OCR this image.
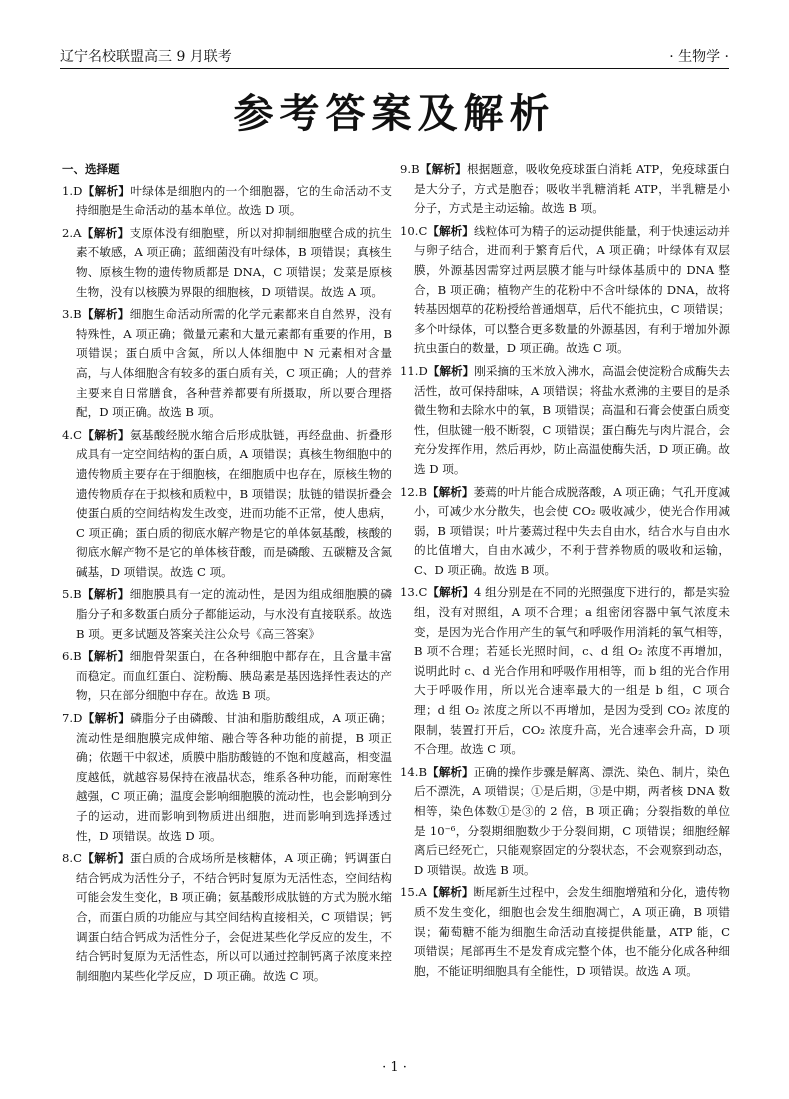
辽宁名校联盟高三 9 月联考	· 生物学 ·
参考答案及解析
一、选择题
1.D【解析】叶绿体是细胞内的一个细胞器，它的生命活动不支持细胞是生命活动的基本单位。故选 D 项。
2.A【解析】支原体没有细胞壁，所以对抑制细胞壁合成的抗生素不敏感，A 项正确；蓝细菌没有叶绿体，B 项错误；真核生物、原核生物的遗传物质都是 DNA，C 项错误；发菜是原核生物，没有以核膜为界限的细胞核，D 项错误。故选 A 项。
3.B【解析】细胞生命活动所需的化学元素都来自自然界，没有特殊性，A 项正确；微量元素和大量元素都有重要的作用，B 项错误；蛋白质中含氮，所以人体细胞中 N 元素相对含量高，与人体细胞含有较多的蛋白质有关，C 项正确；人的营养主要来自日常膳食，各种营养都要有所摄取，所以要合理搭配，D 项正确。故选 B 项。
4.C【解析】氨基酸经脱水缩合后形成肽链，再经盘曲、折叠形成具有一定空间结构的蛋白质，A 项错误；真核生物细胞中的遗传物质主要存在于细胞核，在细胞质中也存在，原核生物的遗传物质存在于拟核和质粒中，B 项错误；肽链的错误折叠会使蛋白质的空间结构发生改变，进而功能不正常，使人患病，C 项正确；蛋白质的彻底水解产物是它的单体氨基酸，核酸的彻底水解产物不是它的单体核苷酸，而是磷酸、五碳糖及含氮碱基，D 项错误。故选 C 项。
5.B【解析】细胞膜具有一定的流动性，是因为组成细胞膜的磷脂分子和多数蛋白质分子都能运动，与水没有直接联系。故选 B 项。更多试题及答案关注公众号《高三答案》
6.B【解析】细胞骨架蛋白，在各种细胞中都存在，且含量丰富而稳定。而血红蛋白、淀粉酶、胰岛素是基因选择性表达的产物，只在部分细胞中存在。故选 B 项。
7.D【解析】磷脂分子由磷酸、甘油和脂肪酸组成，A 项正确；流动性是细胞膜完成伸缩、融合等各种功能的前提，B 项正确；依题干中叙述，质膜中脂肪酸链的不饱和度越高，相变温度越低，就越容易保持在液晶状态，维系各种功能，而耐寒性越强，C 项正确；温度会影响细胞膜的流动性，也会影响到分子的运动，进而影响到物质进出细胞，进而影响到选择透过性，D 项错误。故选 D 项。
8.C【解析】蛋白质的合成场所是核糖体，A 项正确；钙调蛋白结合钙成为活性分子，不结合钙时复原为无活性态，空间结构可能会发生变化，B 项正确；氨基酸形成肽链的方式为脱水缩合，而蛋白质的功能应与其空间结构直接相关，C 项错误；钙调蛋白结合钙成为活性分子，会促进某些化学反应的发生，不结合钙时复原为无活性态，所以可以通过控制钙离子浓度来控制细胞内某些化学反应，D 项正确。故选 C 项。
9.B【解析】根据题意，吸收免疫球蛋白消耗 ATP，免疫球蛋白是大分子，方式是胞吞；吸收半乳糖消耗 ATP，半乳糖是小分子，方式是主动运输。故选 B 项。
10.C【解析】线粒体可为精子的运动提供能量，利于快速运动并与卵子结合，进而利于繁育后代，A 项正确；叶绿体有双层膜，外源基因需穿过两层膜才能与叶绿体基质中的 DNA 整合，B 项正确；植物产生的花粉中不含叶绿体的 DNA，故将转基因烟草的花粉授给普通烟草，后代不能抗虫，C 项错误；多个叶绿体，可以整合更多数量的外源基因，有利于增加外源抗虫蛋白的数量，D 项正确。故选 C 项。
11.D【解析】刚采摘的玉米放入沸水，高温会使淀粉合成酶失去活性，故可保持甜味，A 项错误；将盐水煮沸的主要目的是杀微生物和去除水中的氧，B 项错误；高温和石膏会使蛋白质变性，但肽键一般不断裂，C 项错误；蛋白酶先与肉片混合，会充分发挥作用，然后再炒，防止高温使酶失活，D 项正确。故选 D 项。
12.B【解析】萎蔫的叶片能合成脱落酸，A 项正确；气孔开度减小，可减少水分散失，也会使 CO₂ 吸收减少，使光合作用减弱，B 项错误；叶片萎蔫过程中失去自由水，结合水与自由水的比值增大，自由水减少，不利于营养物质的吸收和运输，C、D 项正确。故选 B 项。
13.C【解析】4 组分别是在不同的光照强度下进行的，都是实验组，没有对照组，A 项不合理；a 组密闭容器中氧气浓度未变，是因为光合作用产生的氧气和呼吸作用消耗的氧气相等，B 项不合理；若延长光照时间，c、d 组 O₂ 浓度不再增加，说明此时 c、d 光合作用和呼吸作用相等，而 b 组的光合作用大于呼吸作用，所以光合速率最大的一组是 b 组，C 项合理；d 组 O₂ 浓度之所以不再增加，是因为受到 CO₂ 浓度的限制，装置打开后，CO₂ 浓度升高，光合速率会升高，D 项不合理。故选 C 项。
14.B【解析】正确的操作步骤是解离、漂洗、染色、制片，染色后不漂洗，A 项错误；①是后期，③是中期，两者核 DNA 数相等，染色体数①是③的 2 倍，B 项正确；分裂指数的单位是 10⁻⁶，分裂期细胞数少于分裂间期，C 项错误；细胞经解离后已经死亡，只能观察固定的分裂状态，不会观察到动态，D 项错误。故选 B 项。
15.A【解析】断尾新生过程中，会发生细胞增殖和分化，遗传物质不发生变化，细胞也会发生细胞凋亡，A 项正确，B 项错误；葡萄糖不能为细胞生命活动直接提供能量，ATP 能，C 项错误；尾部再生不是发育成完整个体，也不能分化成各种细胞，不能证明细胞具有全能性，D 项错误。故选 A 项。
· 1 ·
